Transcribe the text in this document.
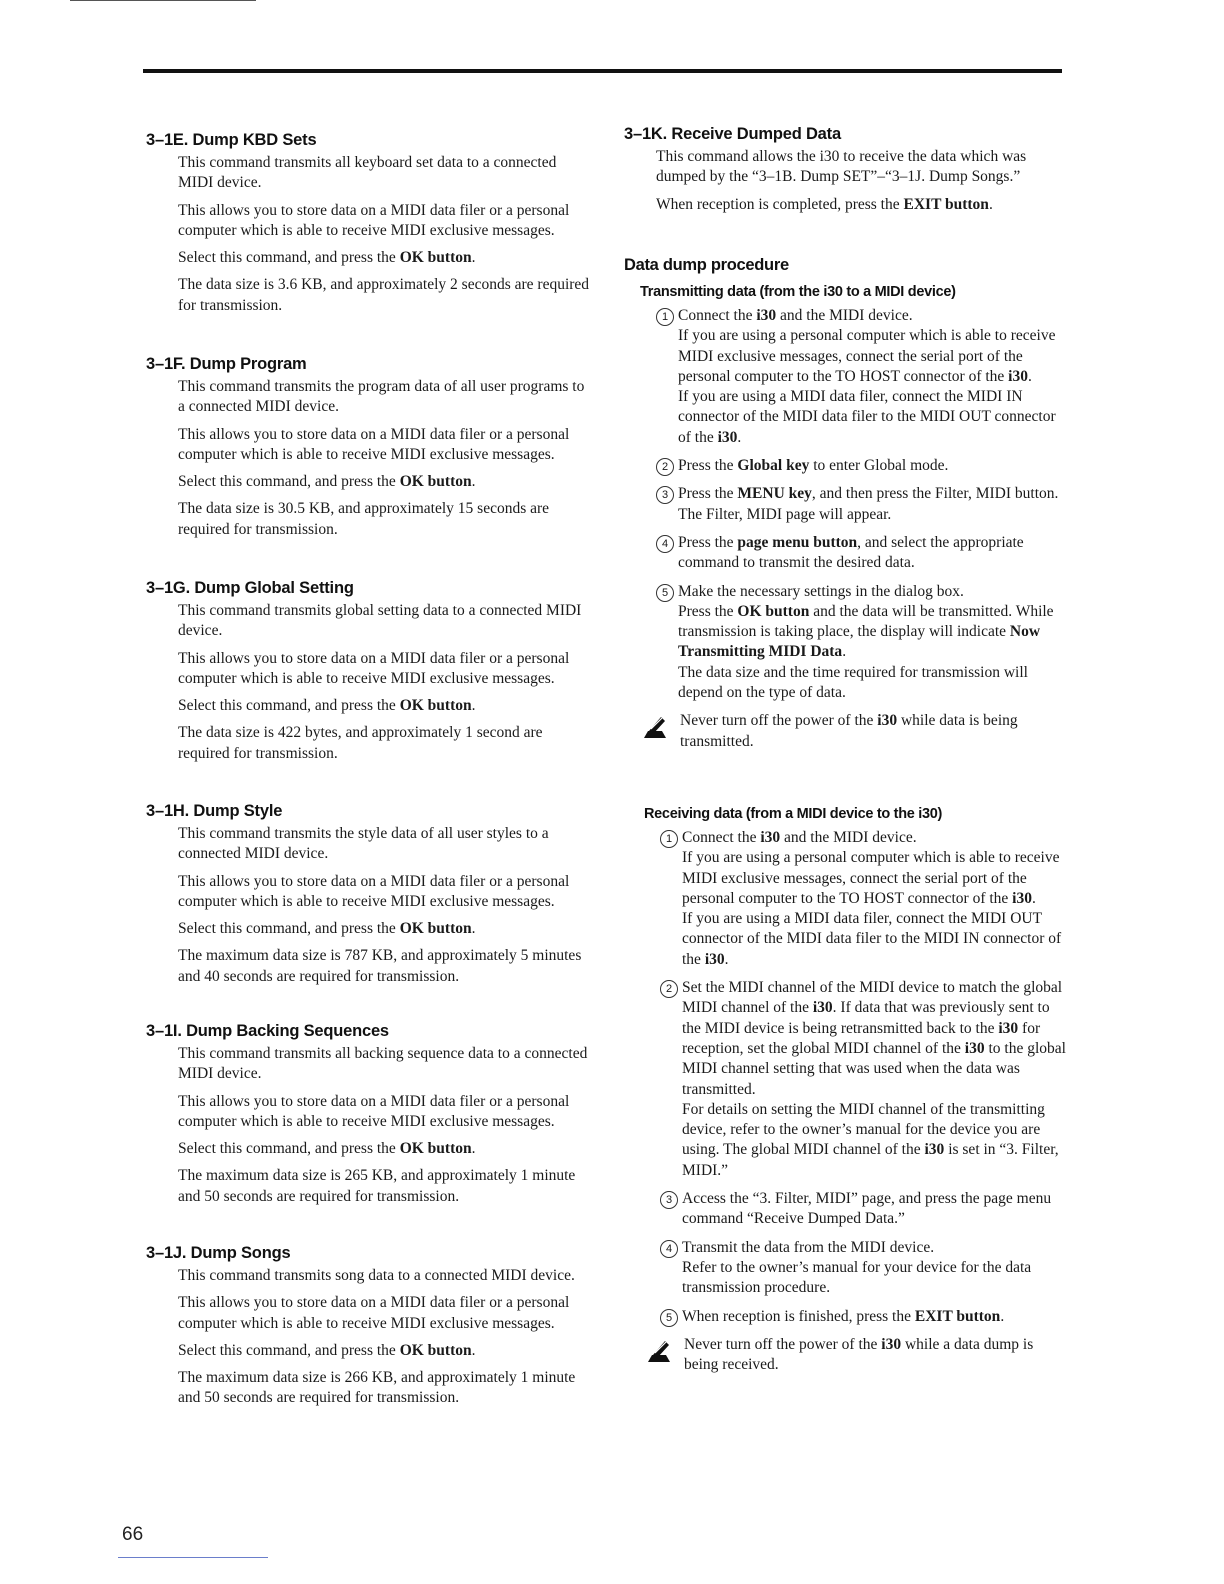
3–1E. Dump KBD Sets

This command transmits all keyboard set data to a connected MIDI device.

This allows you to store data on a MIDI data filer or a personal computer which is able to receive MIDI exclusive messages.

Select this command, and press the OK button.

The data size is 3.6 KB, and approximately 2 seconds are required for transmission.

3–1F. Dump Program

This command transmits the program data of all user programs to a connected MIDI device.

This allows you to store data on a MIDI data filer or a personal computer which is able to receive MIDI exclusive messages.

Select this command, and press the OK button.

The data size is 30.5 KB, and approximately 15 seconds are required for transmission.

3–1G. Dump Global Setting

This command transmits global setting data to a connected MIDI device.

This allows you to store data on a MIDI data filer or a personal computer which is able to receive MIDI exclusive messages.

Select this command, and press the OK button.

The data size is 422 bytes, and approximately 1 second are required for transmission.

3–1H. Dump Style

This command transmits the style data of all user styles to a connected MIDI device.

This allows you to store data on a MIDI data filer or a personal computer which is able to receive MIDI exclusive messages.

Select this command, and press the OK button.

The maximum data size is 787 KB, and approximately 5 minutes and 40 seconds are required for transmission.

3–1I. Dump Backing Sequences

This command transmits all backing sequence data to a connected MIDI device.

This allows you to store data on a MIDI data filer or a personal computer which is able to receive MIDI exclusive messages.

Select this command, and press the OK button.

The maximum data size is 265 KB, and approximately 1 minute and 50 seconds are required for transmission.

3–1J. Dump Songs

This command transmits song data to a connected MIDI device.

This allows you to store data on a MIDI data filer or a personal computer which is able to receive MIDI exclusive messages.

Select this command, and press the OK button.

The maximum data size is 266 KB, and approximately 1 minute and 50 seconds are required for transmission.

3–1K. Receive Dumped Data

This command allows the i30 to receive the data which was dumped by the “3–1B. Dump SET”–“3–1J. Dump Songs.”

When reception is completed, press the EXIT button.

Data dump procedure
Transmitting data (from the i30 to a MIDI device)
1 Connect the i30 and the MIDI device.
If you are using a personal computer which is able to receive MIDI exclusive messages, connect the serial port of the personal computer to the TO HOST connector of the i30.
If you are using a MIDI data filer, connect the MIDI IN connector of the MIDI data filer to the MIDI OUT connector of the i30.
2 Press the Global key to enter Global mode.
3 Press the MENU key, and then press the Filter, MIDI button.
The Filter, MIDI page will appear.
4 Press the page menu button, and select the appropriate command to transmit the desired data.
5 Make the necessary settings in the dialog box.
Press the OK button and the data will be transmitted. While transmission is taking place, the display will indicate Now Transmitting MIDI Data.
The data size and the time required for transmission will depend on the type of data.
Never turn off the power of the i30 while data is being transmitted.
Receiving data (from a MIDI device to the i30)
1 Connect the i30 and the MIDI device.
If you are using a personal computer which is able to receive MIDI exclusive messages, connect the serial port of the personal computer to the TO HOST connector of the i30.
If you are using a MIDI data filer, connect the MIDI OUT connector of the MIDI data filer to the MIDI IN connector of the i30.
2 Set the MIDI channel of the MIDI device to match the global MIDI channel of the i30. If data that was previously sent to the MIDI device is being retransmitted back to the i30 for reception, set the global MIDI channel of the i30 to the global MIDI channel setting that was used when the data was transmitted.
For details on setting the MIDI channel of the transmitting device, refer to the owner’s manual for the device you are using. The global MIDI channel of the i30 is set in “3. Filter, MIDI.”
3 Access the “3. Filter, MIDI” page, and press the page menu command “Receive Dumped Data.”
4 Transmit the data from the MIDI device.
Refer to the owner’s manual for your device for the data transmission procedure.
5 When reception is finished, press the EXIT button.
Never turn off the power of the i30 while a data dump is being received.
66
